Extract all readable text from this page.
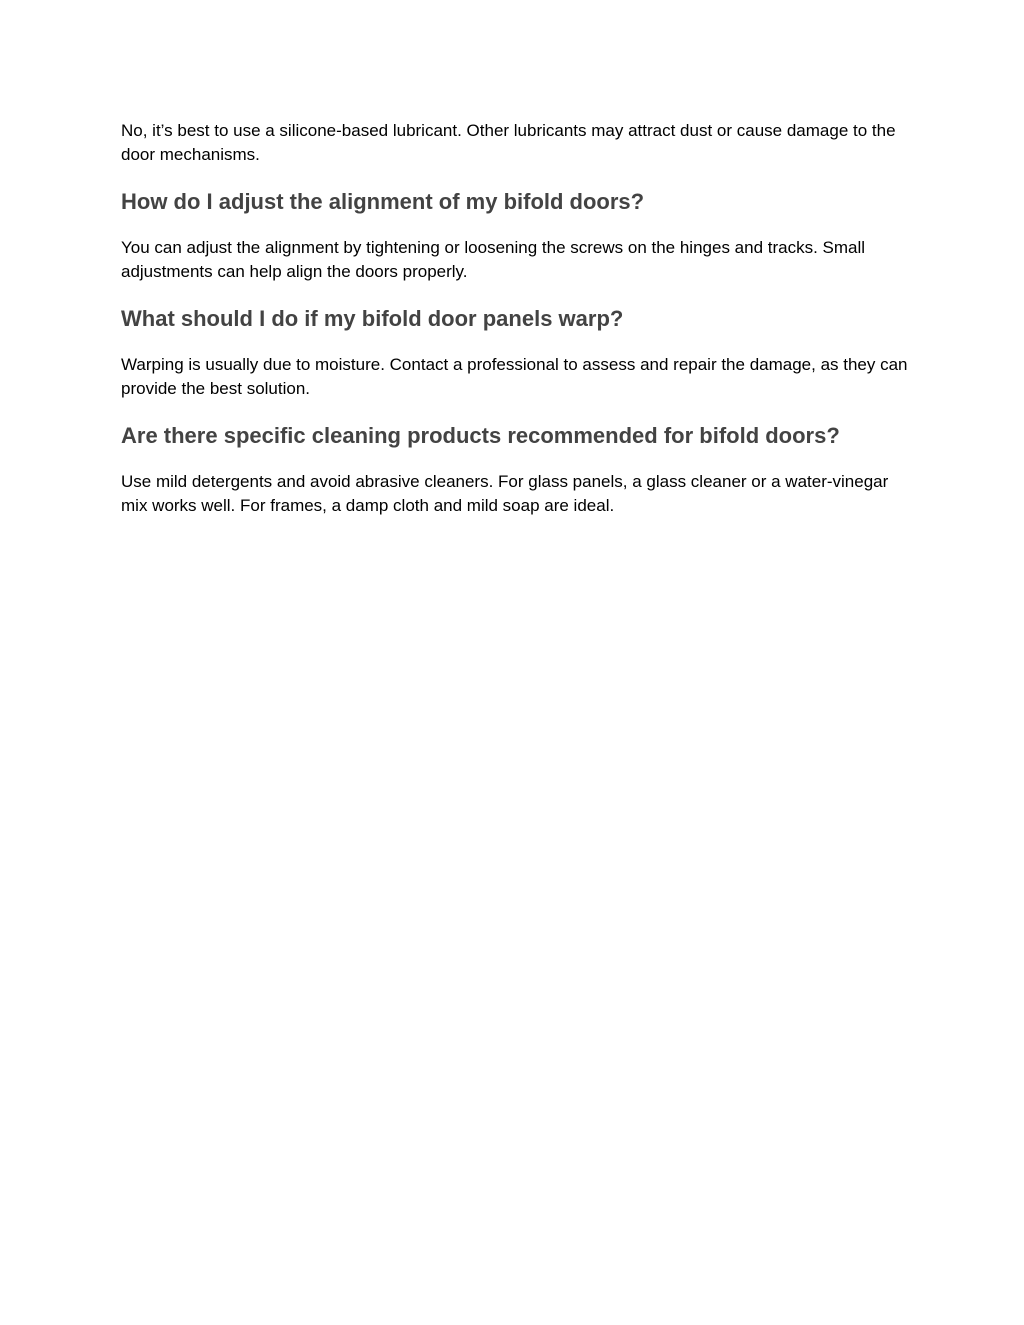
No, it’s best to use a silicone-based lubricant. Other lubricants may attract dust or cause damage to the door mechanisms.

How do I adjust the alignment of my bifold doors?

You can adjust the alignment by tightening or loosening the screws on the hinges and tracks. Small adjustments can help align the doors properly.

What should I do if my bifold door panels warp?

Warping is usually due to moisture. Contact a professional to assess and repair the damage, as they can provide the best solution.

Are there specific cleaning products recommended for bifold doors?

Use mild detergents and avoid abrasive cleaners. For glass panels, a glass cleaner or a water-vinegar mix works well. For frames, a damp cloth and mild soap are ideal.
